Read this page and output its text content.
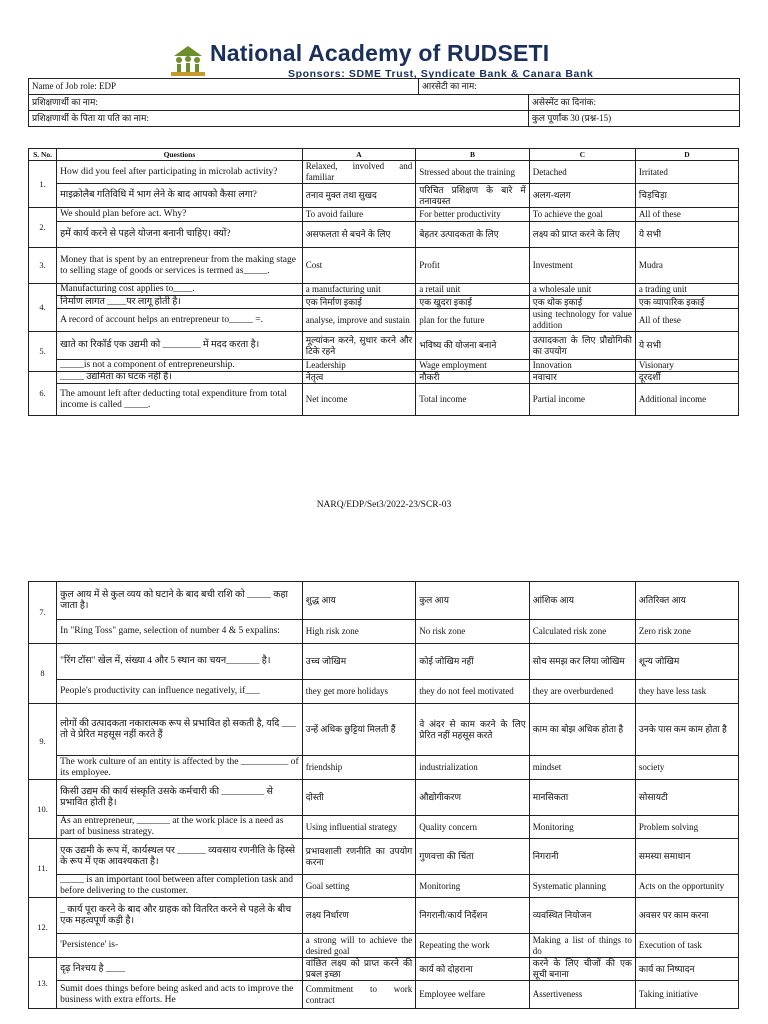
National Academy of RUDSETI
Sponsors: SDME Trust, Syndicate Bank & Canara Bank
Name of Job role: EDP	आरसेटी का नाम:	
प्रशिक्षणार्थी का नाम:		असेस्मेंट का दिनांक:
प्रशिक्षणार्थी के पिता या पति का नाम:		कुल पूर्णांक 30 (प्रश्न-15)
S. No.	Questions	A	B	C	D
1.	How did you feel after participating in microlab activity?	Relaxed, involved and familiar	Stressed about the training	Detached	Irritated
	माइक्रोलैब गतिविधि में भाग लेने के बाद आपको कैसा लगा?	तनाव मुक्त तथा सुखद	परिचित प्रशिक्षण के बारे में तनावग्रस्त	अलग-थलग	चिड़चिड़ा
2.	We should plan before act. Why?	To avoid failure	For better productivity	To achieve the goal	All of these
	हमें कार्य करने से पहले योजना बनानी चाहिए। क्यों?	असफलता से बचने के लिए	बेहतर उत्पादकता के लिए	लक्ष्य को प्राप्त करने के लिए	ये सभी
3.	Money that is spent by an entrepreneur from the making stage to selling stage of goods or services is termed as_____.	Cost	Profit	Investment	Mudra
4.	Manufacturing cost applies to____.	a manufacturing unit	a retail unit	a wholesale unit	a trading unit
	निर्माण लागत ____पर लागू होती है।	एक निर्माण इकाई	एक खुदरा इकाई	एक थोक इकाई	एक व्यापारिक इकाई
	A record of account helps an entrepreneur to_____ =.	analyse, improve and sustain	plan for the future	using technology for value addition	All of these
5.	खाते का रिकॉर्ड एक उद्यमी को ________ में मदद करता है।	मूल्यांकन करने, सुधार करने और टिके रहने	भविष्य की योजना बनाने	उत्पादकता के लिए प्रौद्योगिकी का उपयोग	ये सभी
	_____is not a component of entrepreneurship.	Leadership	Wage employment	Innovation	Visionary
6.	_____ उद्यमिता का घटक नहीं है।	नेतृत्व	नौकरी	नवाचार	दूरदर्शी
	The amount left after deducting total expenditure from total income is called _____.	Net income	Total income	Partial income	Additional income
NARQ/EDP/Set3/2022-23/SCR-03
7.	कुल आय में से कुल व्यय को घटाने के बाद बची राशि को _____ कहा जाता है।	शुद्ध आय	कुल आय	आंशिक आय	अतिरिक्त आय
	In "Ring Toss" game, selection of number 4 & 5 expalins:	High risk zone	No risk zone	Calculated risk zone	Zero risk zone
8	"रिंग टॉस" खेल में, संख्या 4 और 5 स्थान का चयन_______ है।	उच्च जोखिम	कोई जोखिम नहीं	सोच समझ कर लिया जोखिम	शून्य जोखिम
	People's productivity can influence negatively, if___	they get more holidays	they do not feel motivated	they are overburdened	they have less task
9.	लोगों की उत्पादकता नकारात्मक रूप से प्रभावित हो सकती है, यदि ___ तो वे प्रेरित महसूस नहीं करते हैं	उन्हें अधिक छुट्टियां मिलती हैं	वे अंदर से काम करने के लिए प्रेरित नहीं महसूस करते	काम का बोझ अधिक होता है	उनके पास कम काम होता है
	The work culture of an entity is affected by the __________ of its employee.	friendship	industrialization	mindset	society
10.	किसी उद्यम की कार्य संस्कृति उसके कर्मचारी की _________ से प्रभावित होती है।	दोस्ती	औद्योगीकरण	मानसिकता	सोसायटी
	As an entrepreneur, _______ at the work place is a need as part of business strategy.	Using influential strategy	Quality concern	Monitoring	Problem solving
11.	एक उद्यमी के रूप में, कार्यस्थल पर ______ व्यवसाय रणनीति के हिस्से के रूप में एक आवश्यकता है।	प्रभावशाली रणनीति का उपयोग करना	गुणवत्ता की चिंता	निगरानी	समस्या समाधान
	_____ is an important tool between after completion task and before delivering to the customer.	Goal setting	Monitoring	Systematic planning	Acts on the opportunity
12.	_ कार्य पूरा करने के बाद और ग्राहक को वितरित करने से पहले के बीच एक महत्वपूर्ण कड़ी है।	लक्ष्य निर्धारण	निगरानी/कार्य निर्देशन	व्यवस्थित नियोजन	अवसर पर काम करना
	'Persistence' is-	a strong will to achieve the desired goal	Repeating the work	Making a list of things to do	Execution of task
13.	दृढ़ निश्चय है ____	वांछित लक्ष्य को प्राप्त करने की प्रबल इच्छा	कार्य को दोहराना	करने के लिए चीजों की एक सूची बनाना	कार्य का निष्पादन
	Sumit does things before being asked and acts to improve the business with extra efforts. He	Commitment to work contract	Employee welfare	Assertiveness	Taking initiative
